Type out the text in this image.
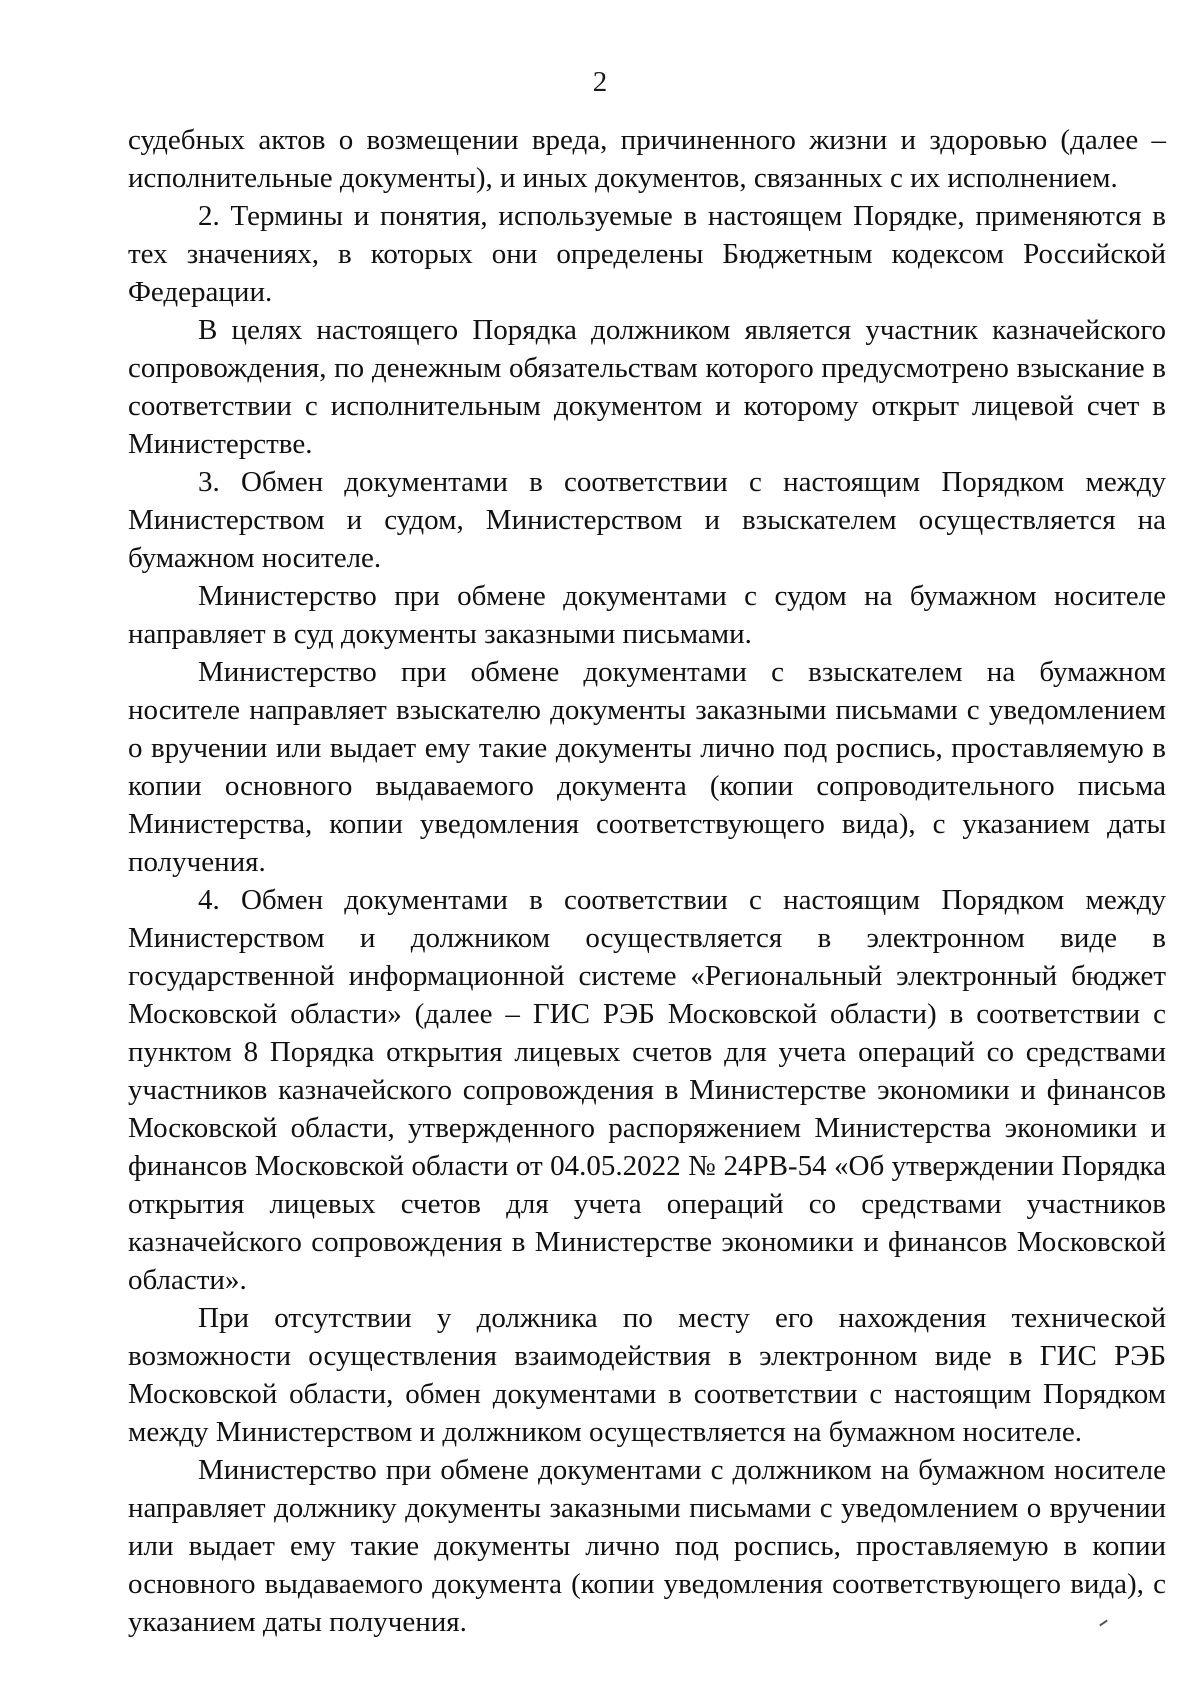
2

судебных актов о возмещении вреда, причиненного жизни и здоровью (далее – исполнительные документы), и иных документов, связанных с их исполнением.

2. Термины и понятия, используемые в настоящем Порядке, применяются в тех значениях, в которых они определены Бюджетным кодексом Российской Федерации.

В целях настоящего Порядка должником является участник казначейского сопровождения, по денежным обязательствам которого предусмотрено взыскание в соответствии с исполнительным документом и которому открыт лицевой счет в Министерстве.

3. Обмен документами в соответствии с настоящим Порядком между Министерством и судом, Министерством и взыскателем осуществляется на бумажном носителе.

Министерство при обмене документами с судом на бумажном носителе направляет в суд документы заказными письмами.

Министерство при обмене документами с взыскателем на бумажном носителе направляет взыскателю документы заказными письмами с уведомлением о вручении или выдает ему такие документы лично под роспись, проставляемую в копии основного выдаваемого документа (копии сопроводительного письма Министерства, копии уведомления соответствующего вида), с указанием даты получения.

4. Обмен документами в соответствии с настоящим Порядком между Министерством и должником осуществляется в электронном виде в государственной информационной системе «Региональный электронный бюджет Московской области» (далее – ГИС РЭБ Московской области) в соответствии с пунктом 8 Порядка открытия лицевых счетов для учета операций со средствами участников казначейского сопровождения в Министерстве экономики и финансов Московской области, утвержденного распоряжением Министерства экономики и финансов Московской области от 04.05.2022 № 24РВ-54 «Об утверждении Порядка открытия лицевых счетов для учета операций со средствами участников казначейского сопровождения в Министерстве экономики и финансов Московской области».

При отсутствии у должника по месту его нахождения технической возможности осуществления взаимодействия в электронном виде в ГИС РЭБ Московской области, обмен документами в соответствии с настоящим Порядком между Министерством и должником осуществляется на бумажном носителе.

Министерство при обмене документами с должником на бумажном носителе направляет должнику документы заказными письмами с уведомлением о вручении или выдает ему такие документы лично под роспись, проставляемую в копии основного выдаваемого документа (копии уведомления соответствующего вида), с указанием даты получения.
